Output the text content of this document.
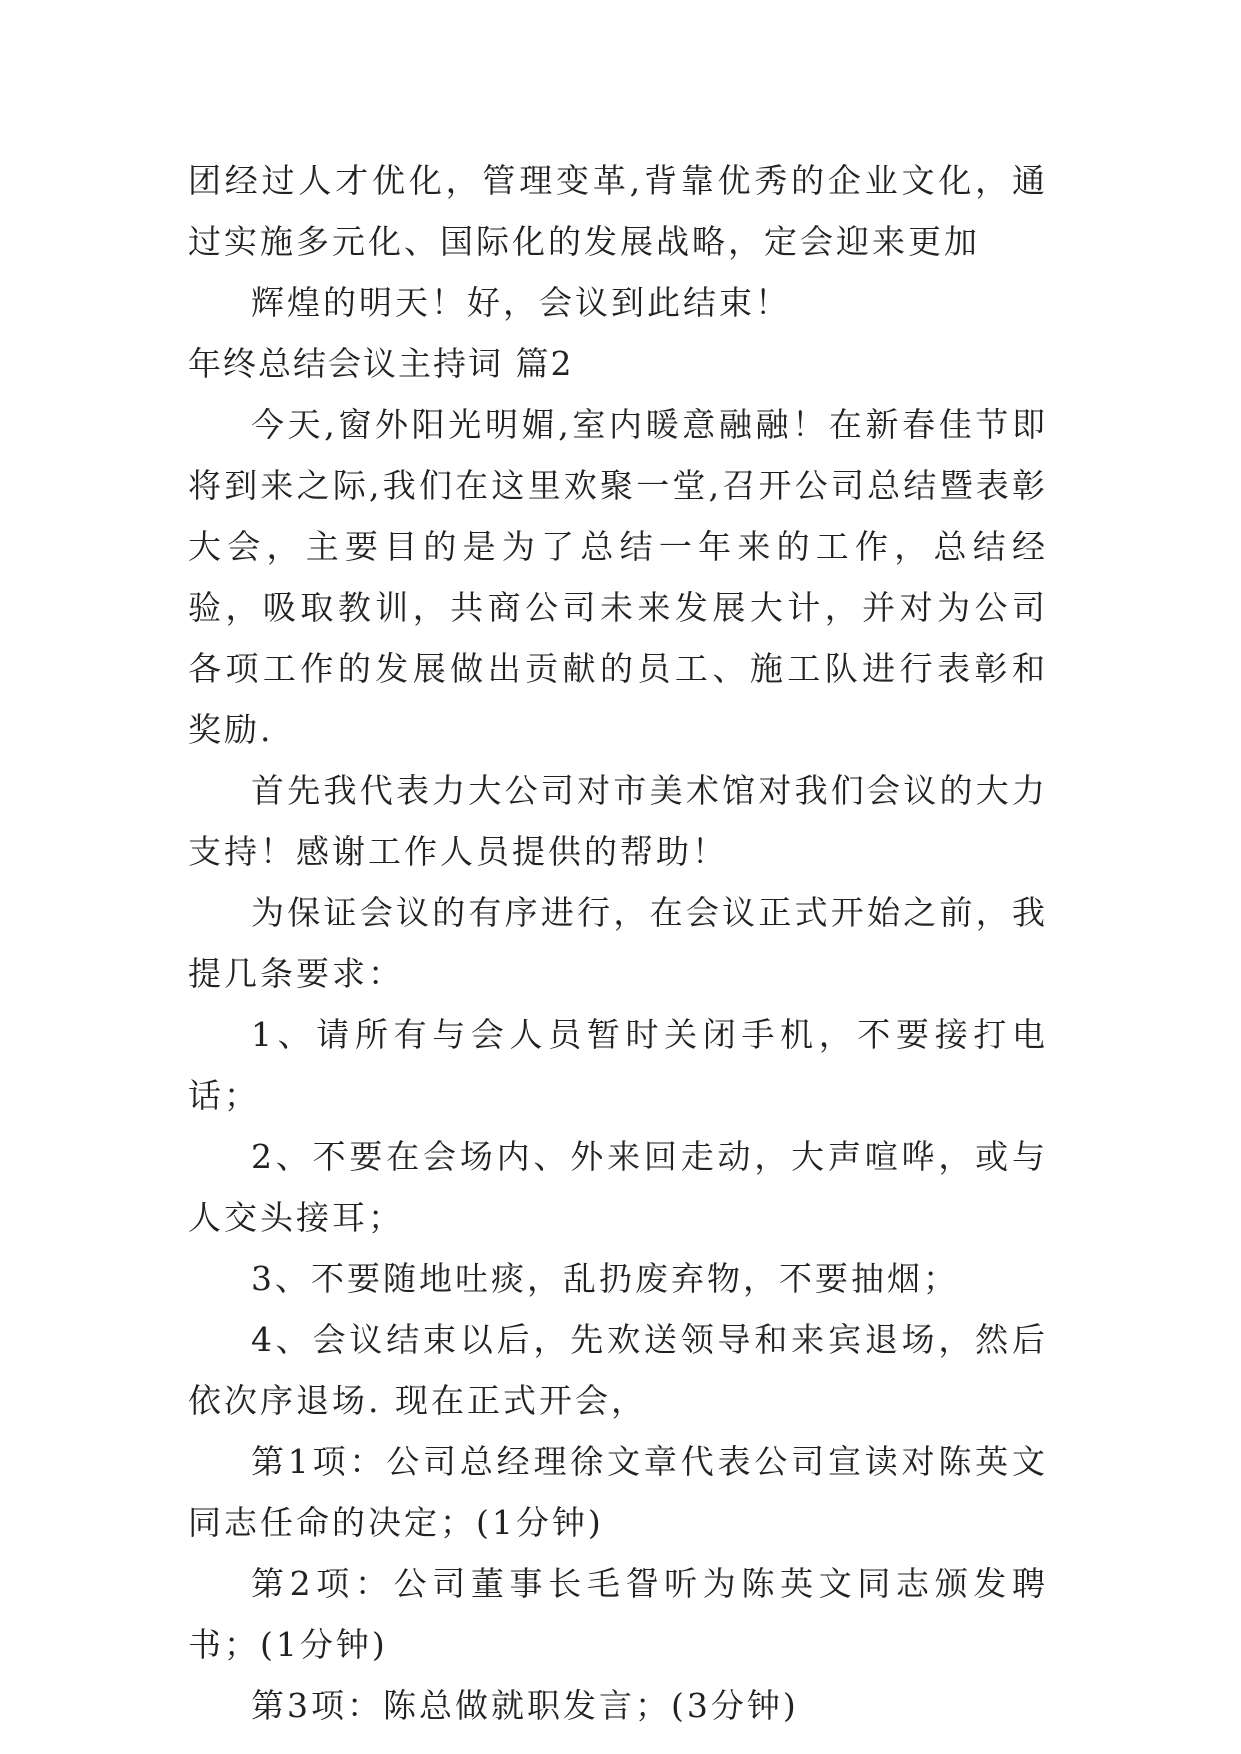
团经过人才优化，管理变革,背靠优秀的企业文化，通过实施多元化、国际化的发展战略，定会迎来更加

辉煌的明天！好，会议到此结束！

年终总结会议主持词 篇2

今天,窗外阳光明媚,室内暖意融融！在新春佳节即将到来之际,我们在这里欢聚一堂,召开公司总结暨表彰大会，主要目的是为了总结一年来的工作，总结经验，吸取教训，共商公司未来发展大计，并对为公司各项工作的发展做出贡献的员工、施工队进行表彰和奖励.

首先我代表力大公司对市美术馆对我们会议的大力支持！感谢工作人员提供的帮助！

为保证会议的有序进行，在会议正式开始之前，我提几条要求：

1、请所有与会人员暂时关闭手机，不要接打电话；

2、不要在会场内、外来回走动，大声喧哗，或与人交头接耳；

3、不要随地吐痰，乱扔废弃物，不要抽烟；

4、会议结束以后，先欢送领导和来宾退场，然后依次序退场. 现在正式开会，

第1项：公司总经理徐文章代表公司宣读对陈英文同志任命的决定；(1分钟)

第2项：公司董事长毛眢听为陈英文同志颁发聘书；(1分钟)

第3项：陈总做就职发言；(3分钟)
